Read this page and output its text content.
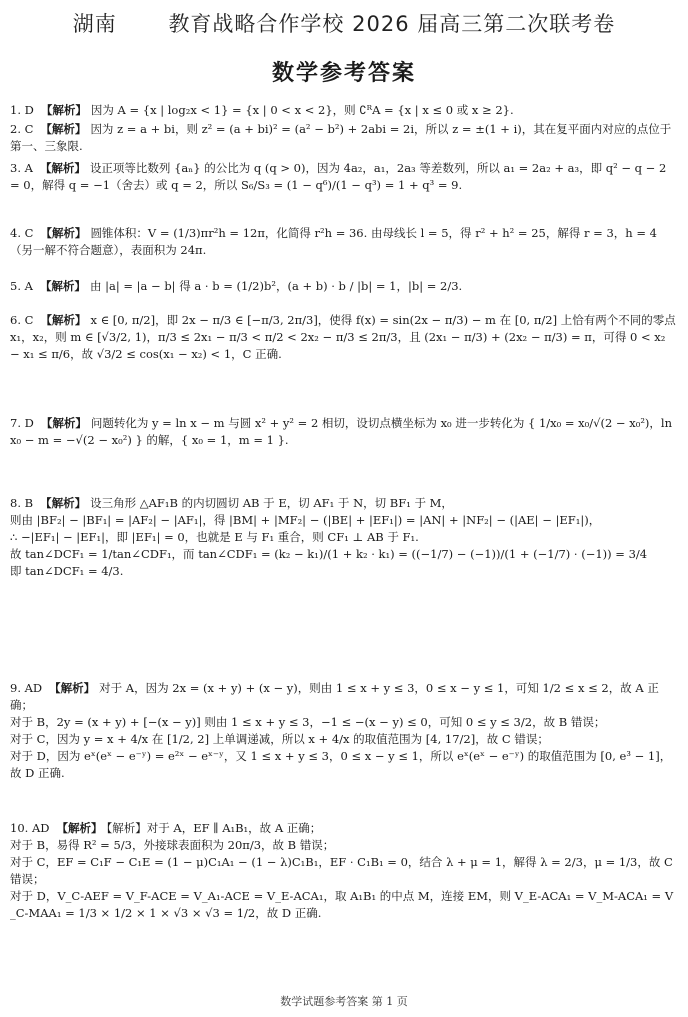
湖南 教育战略合作学校 2026 届高三第二次联考卷
数学参考答案
1. D 【解析】 因为 A = {x | log₂x < 1} = {x | 0 < x < 2}，则 ∁ᴿA = {x | x ≤ 0 或 x ≥ 2}.
2. C 【解析】 因为 z = a + bi，则 z² = (a + bi)² = (a² − b²) + 2abi = 2i，所以 z = ±(1 + i)，其在复平面内对应的点位于第一、三象限.
3. A 【解析】 设正项等比数列 {aₙ} 的公比为 q (q > 0)，因为 4a₂，a₁，2a₃ 等差数列，所以 a₁ = 2a₂ + a₃，即 q² − q − 2 = 0，解得 q = −1（舍去）或 q = 2，所以 S₆/S₃ = (1 − q⁶)/(1 − q³) = 1 + q³ = 9.
4. C 【解析】 圆锥体积：V = (1/3)πr²h = 12π，化简得 r²h = 36. 由母线长 l = 5，得 r² + h² = 25，解得 r = 3，h = 4（另一解不符合题意），表面积为 24π.
5. A 【解析】 由 |a| = |a − b| 得 a · b = (1/2)b²，(a + b) · b / |b| = 1，|b| = 2/3.
6. C 【解析】 x ∈ [0, π/2]，即 2x − π/3 ∈ [−π/3, 2π/3]，使得 f(x) = sin(2x − π/3) − m 在 [0, π/2] 上恰有两个不同的零点 x₁，x₂，则 m ∈ [√3/2, 1)，π/3 ≤ 2x₁ − π/3 < π/2 < 2x₂ − π/3 ≤ 2π/3，且 (2x₁ − π/3) + (2x₂ − π/3) = π，可得 0 < x₂ − x₁ ≤ π/6，故 √3/2 ≤ cos(x₁ − x₂) < 1，C 正确.
7. D 【解析】 问题转化为 y = ln x − m 与圆 x² + y² = 2 相切，设切点横坐标为 x₀ 进一步转化为 { 1/x₀ = x₀/√(2 − x₀²)，ln x₀ − m = −√(2 − x₀²) } 的解，{ x₀ = 1，m = 1 }.
8. B 【解析】 设三角形 △AF₁B 的内切圆切 AB 于 E，切 AF₁ 于 N，切 BF₁ 于 M，
则由 |BF₂| − |BF₁| = |AF₂| − |AF₁|，得 |BM| + |MF₂| − (|BE| + |EF₁|) = |AN| + |NF₂| − (|AE| − |EF₁|)，
∴ −|EF₁| − |EF₁|，即 |EF₁| = 0，也就是 E 与 F₁ 重合，则 CF₁ ⊥ AB 于 F₁.
故 tan∠DCF₁ = 1/tan∠CDF₁，而 tan∠CDF₁ = (k₂ − k₁)/(1 + k₂ · k₁) = ((−1/7) − (−1))/(1 + (−1/7) · (−1)) = 3/4
即 tan∠DCF₁ = 4/3.
9. AD 【解析】 对于 A，因为 2x = (x + y) + (x − y)，则由 1 ≤ x + y ≤ 3，0 ≤ x − y ≤ 1，可知 1/2 ≤ x ≤ 2，故 A 正确；
对于 B，2y = (x + y) + [−(x − y)] 则由 1 ≤ x + y ≤ 3，−1 ≤ −(x − y) ≤ 0，可知 0 ≤ y ≤ 3/2，故 B 错误；
对于 C，因为 y = x + 4/x 在 [1/2, 2] 上单调递减，所以 x + 4/x 的取值范围为 [4, 17/2]，故 C 错误；
对于 D，因为 eˣ(eˣ − e⁻ʸ) = e²ˣ − eˣ⁻ʸ，又 1 ≤ x + y ≤ 3，0 ≤ x − y ≤ 1，所以 eˣ(eˣ − e⁻ʸ) 的取值范围为 [0, e³ − 1]，故 D 正确.
10. AD 【解析】 【解析】对于 A，EF ∥ A₁B₁，故 A 正确；
对于 B，易得 R² = 5/3，外接球表面积为 20π/3，故 B 错误；
对于 C，EF = C₁F − C₁E = (1 − μ)C₁A₁ − (1 − λ)C₁B₁，EF · C₁B₁ = 0，结合 λ + μ = 1，解得 λ = 2/3，μ = 1/3，故 C 错误；
对于 D，V_C-AEF = V_F-ACE = V_A₁-ACE = V_E-ACA₁，取 A₁B₁ 的中点 M，连接 EM，则 V_E-ACA₁ = V_M-ACA₁ = V_C-MAA₁ = 1/3 × 1/2 × 1 × √3 × √3 = 1/2，故 D 正确.
数学试题参考答案 第 1 页
